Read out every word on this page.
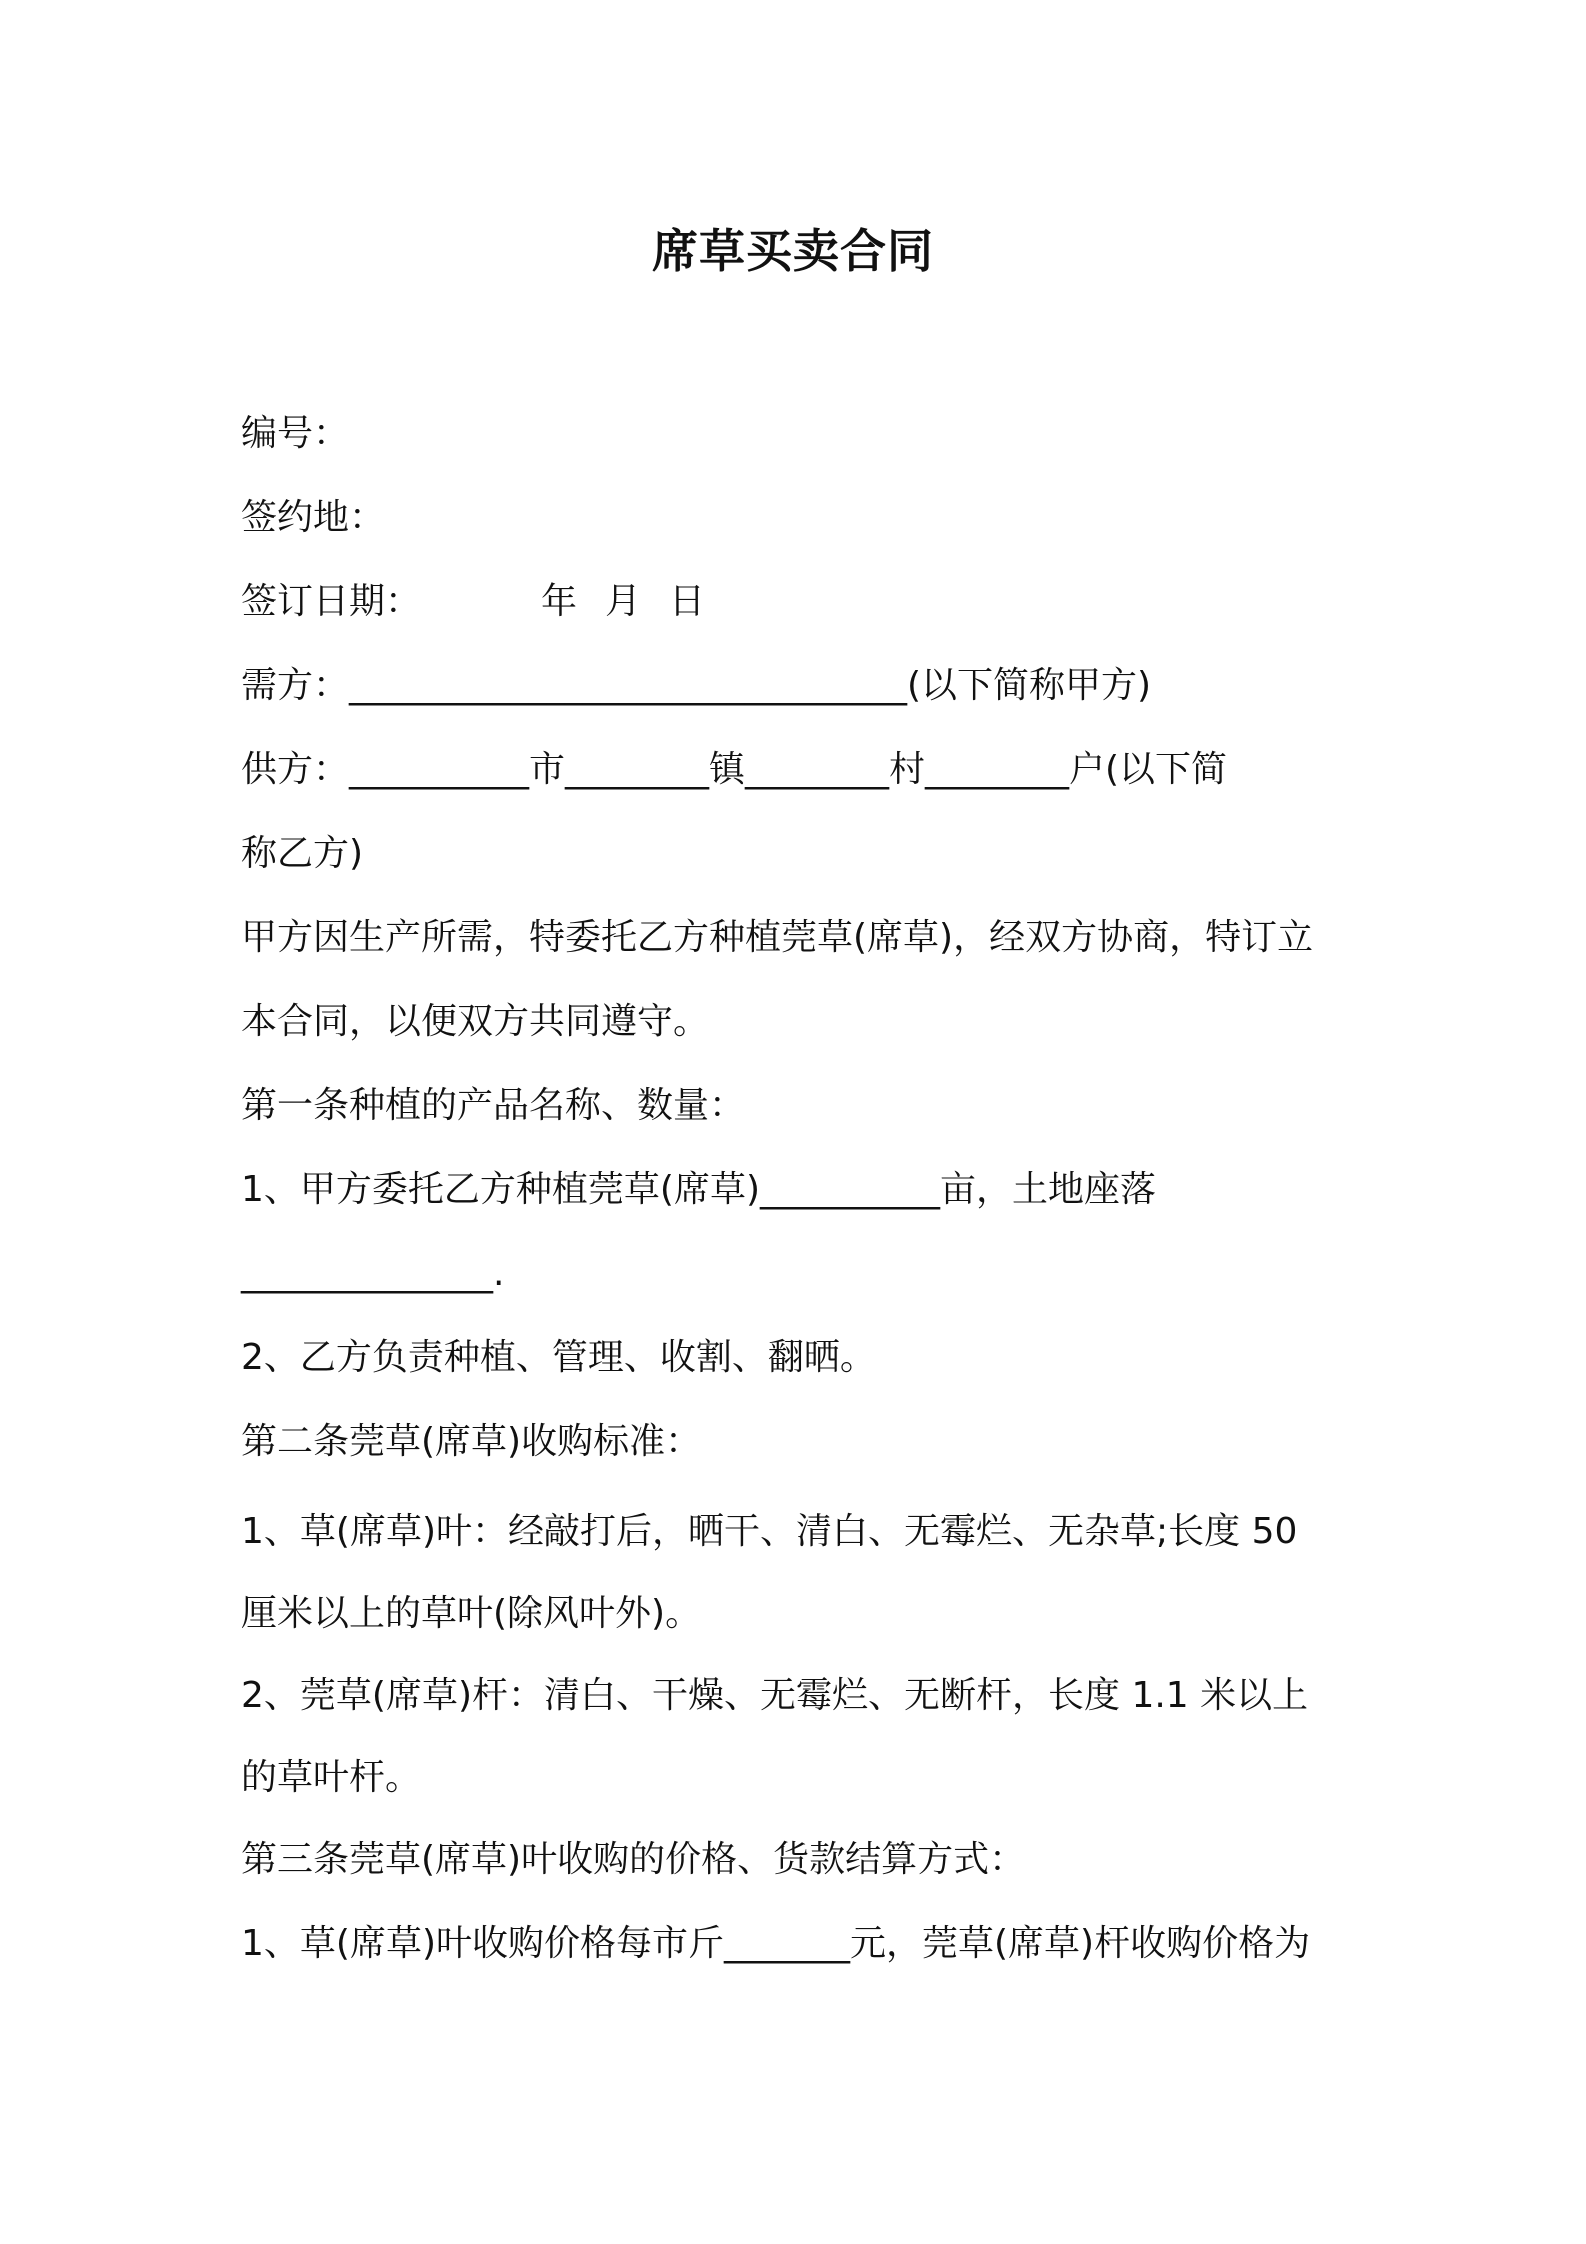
席草买卖合同
编号：
签约地：
签订日期：	年 月 日
需方：_______________________________(以下简称甲方)
供方：__________市________镇________村________户(以下简
称乙方)
甲方因生产所需，特委托乙方种植莞草(席草)，经双方协商，特订立
本合同，以便双方共同遵守。
第一条种植的产品名称、数量：
1、甲方委托乙方种植莞草(席草)__________亩，土地座落
______________.
2、乙方负责种植、管理、收割、翻晒。
第二条莞草(席草)收购标准：
1、草(席草)叶：经敲打后，晒干、清白、无霉烂、无杂草;长度 50
厘米以上的草叶(除风叶外)。
2、莞草(席草)杆：清白、干燥、无霉烂、无断杆，长度 1.1 米以上
的草叶杆。
第三条莞草(席草)叶收购的价格、货款结算方式：
1、草(席草)叶收购价格每市斤_______元，莞草(席草)杆收购价格为
